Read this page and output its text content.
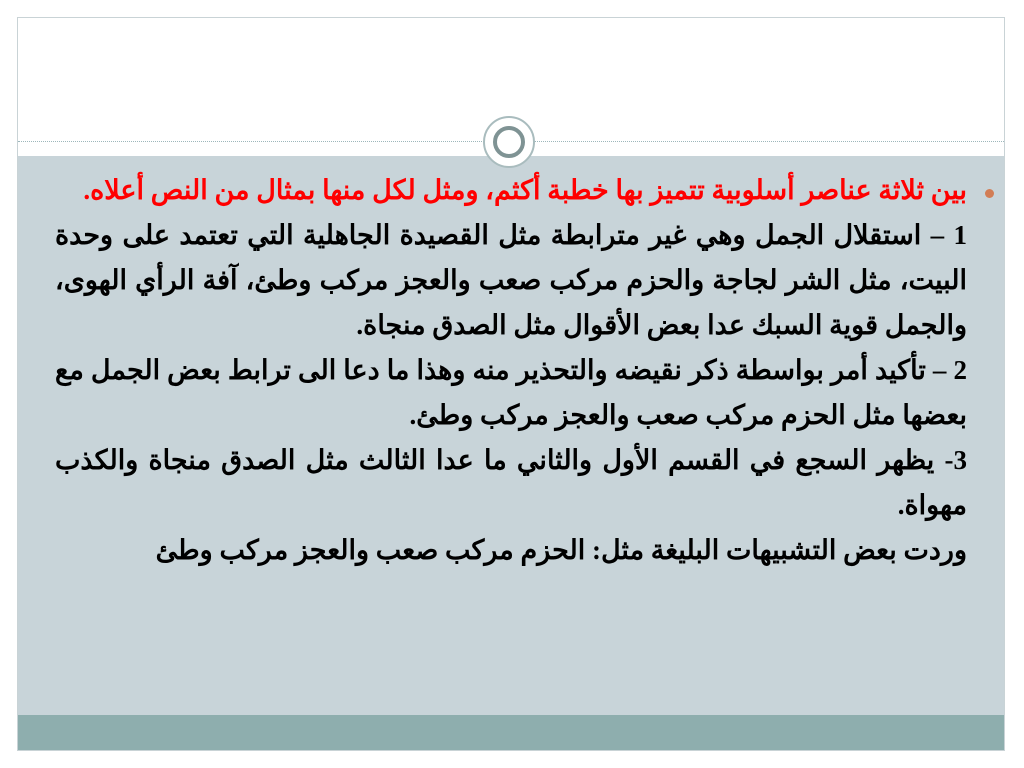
بين ثلاثة عناصر أسلوبية تتميز بها خطبة أكثم، ومثل لكل منها بمثال من النص أعلاه.
1 – استقلال الجمل وهي غير مترابطة مثل القصيدة الجاهلية التي تعتمد على وحدة البيت، مثل الشر لجاجة والحزم مركب صعب والعجز مركب وطئ، آفة الرأي الهوى، والجمل قوية السبك عدا بعض الأقوال مثل الصدق منجاة.
2 – تأكيد أمر بواسطة ذكر نقيضه والتحذير منه وهذا ما دعا الى ترابط بعض الجمل مع بعضها مثل الحزم مركب صعب والعجز مركب وطئ.
3- يظهر السجع في القسم الأول والثاني ما عدا الثالث مثل الصدق منجاة والكذب مهواة.
وردت بعض التشبيهات البليغة مثل: الحزم مركب صعب والعجز مركب وطئ
